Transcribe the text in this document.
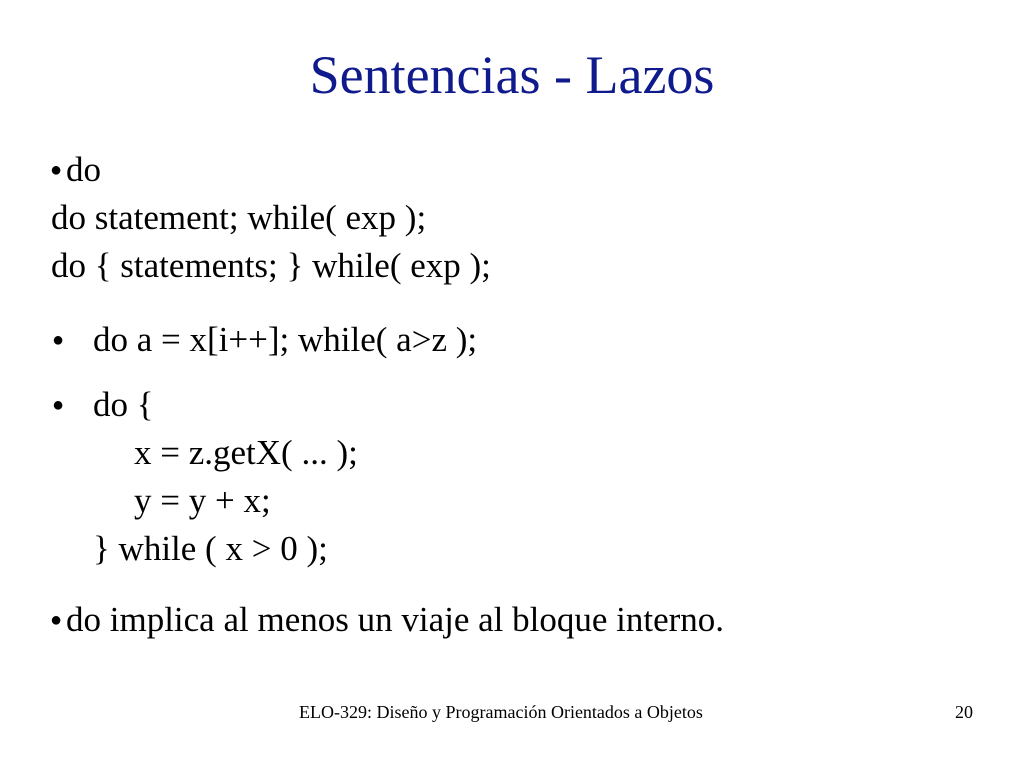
Sentencias - Lazos
● do
do statement; while( exp );
do { statements; } while( exp );
● do a = x[i++]; while( a>z );
● do {
x = z.getX( ... );
y = y + x;
} while ( x > 0 );
● do implica al menos un viaje al bloque interno.
ELO-329: Diseño y Programación Orientados a Objetos	20
